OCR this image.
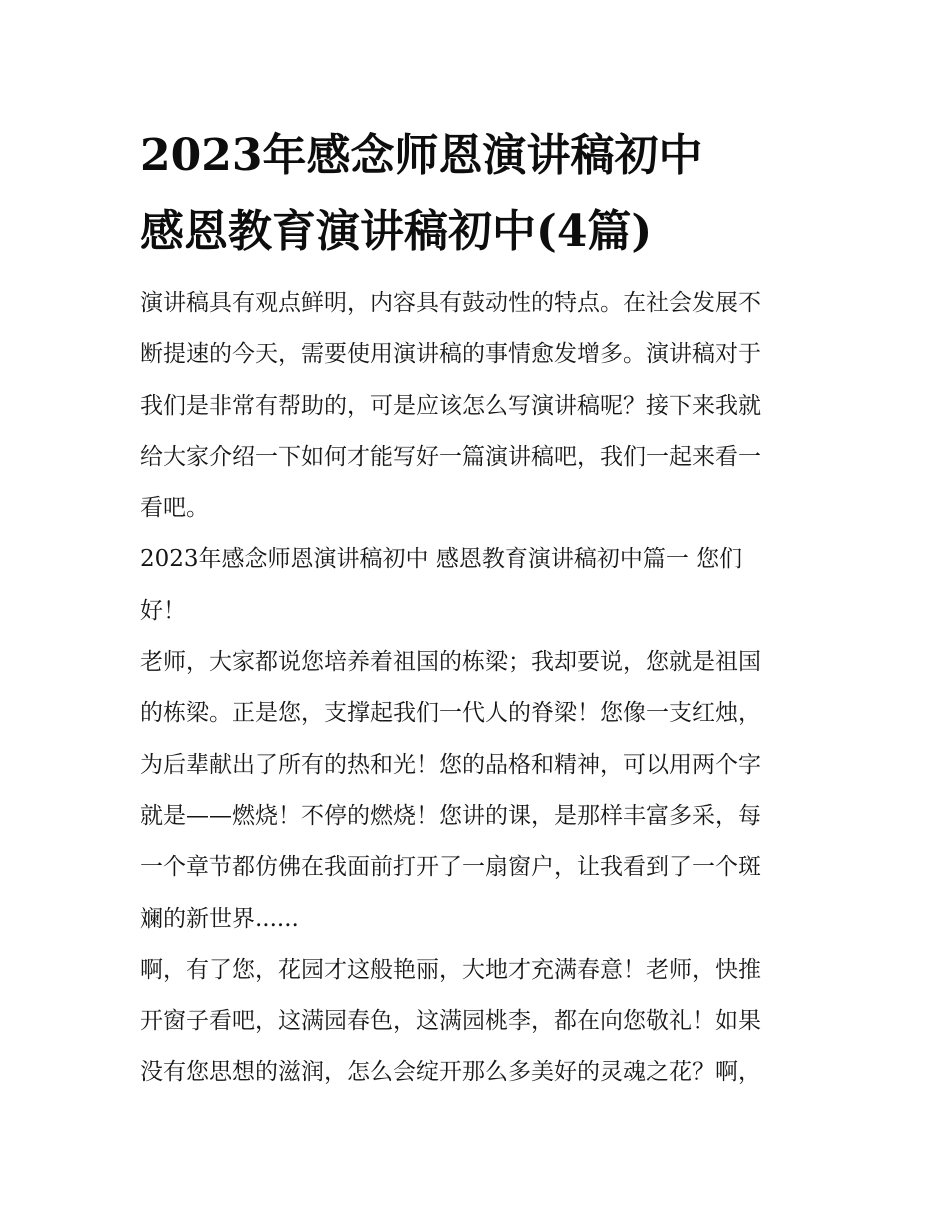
2023年感念师恩演讲稿初中
感恩教育演讲稿初中(4篇)
演讲稿具有观点鲜明，内容具有鼓动性的特点。在社会发展不
断提速的今天，需要使用演讲稿的事情愈发增多。演讲稿对于
我们是非常有帮助的，可是应该怎么写演讲稿呢？接下来我就
给大家介绍一下如何才能写好一篇演讲稿吧，我们一起来看一
看吧。
2023年感念师恩演讲稿初中 感恩教育演讲稿初中篇一 您们
好！
老师，大家都说您培养着祖国的栋梁；我却要说，您就是祖国
的栋梁。正是您，支撑起我们一代人的脊梁！您像一支红烛，
为后辈献出了所有的热和光！您的品格和精神，可以用两个字
就是——燃烧！不停的燃烧！您讲的课，是那样丰富多采，每
一个章节都仿佛在我面前打开了一扇窗户，让我看到了一个斑
斓的新世界......
啊，有了您，花园才这般艳丽，大地才充满春意！老师，快推
开窗子看吧，这满园春色，这满园桃李，都在向您敬礼！如果
没有您思想的滋润，怎么会绽开那么多美好的灵魂之花？啊，
